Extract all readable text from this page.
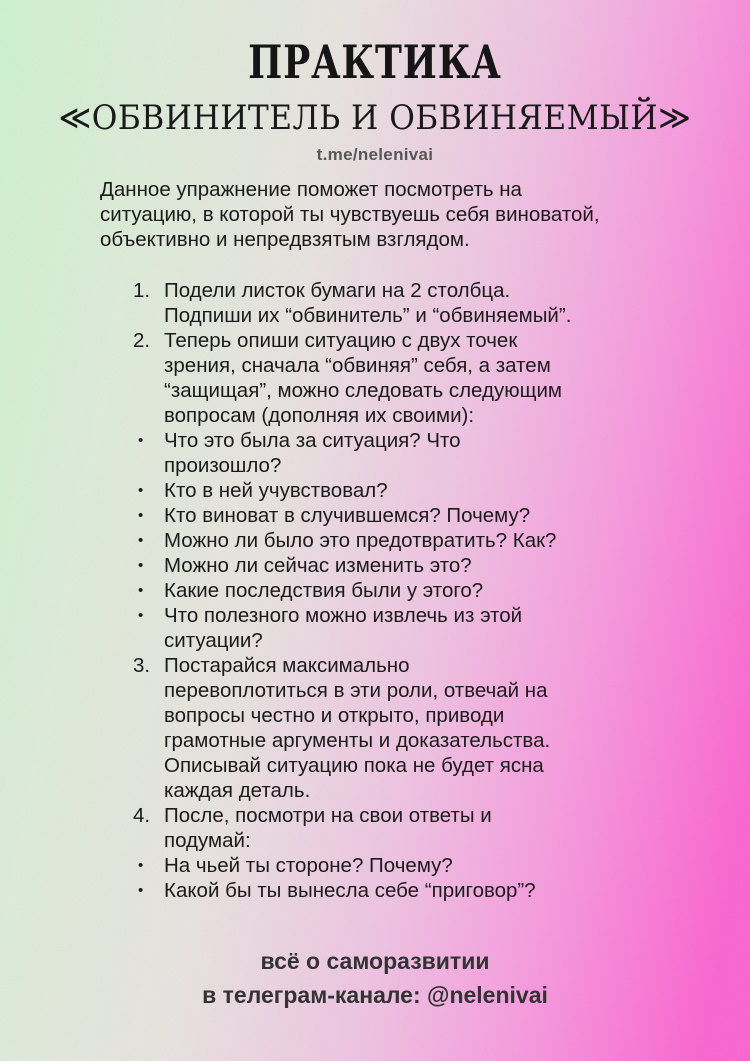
ПРАКТИКА
≪ОБВИНИТЕЛЬ И ОБВИНЯЕМЫЙ≫
t.me/nelenivai

Данное упражнение поможет посмотреть на ситуацию, в которой ты чувствуешь себя виноватой, объективно и непредвзятым взглядом.

1. Подели листок бумаги на 2 столбца. Подпиши их “обвинитель” и “обвиняемый”.
2. Теперь опиши ситуацию с двух точек зрения, сначала “обвиняя” себя, а затем “защищая”, можно следовать следующим вопросам (дополняя их своими):
•	Что это была за ситуация? Что произошло?
•	Кто в ней учувствовал?
•	Кто виноват в случившемся? Почему?
•	Можно ли было это предотвратить? Как?
•	Можно ли сейчас изменить это?
•	Какие последствия были у этого?
•	Что полезного можно извлечь из этой ситуации?
3. Постарайся максимально перевоплотиться в эти роли, отвечай на вопросы честно и открыто, приводи грамотные аргументы и доказательства. Описывай ситуацию пока не будет ясна каждая деталь.
4. После, посмотри на свои ответы и подумай:
•	На чьей ты стороне? Почему?
•	Какой бы ты вынесла себе “приговор”?
всё о саморазвитии
в телеграм-канале: @nelenivai
